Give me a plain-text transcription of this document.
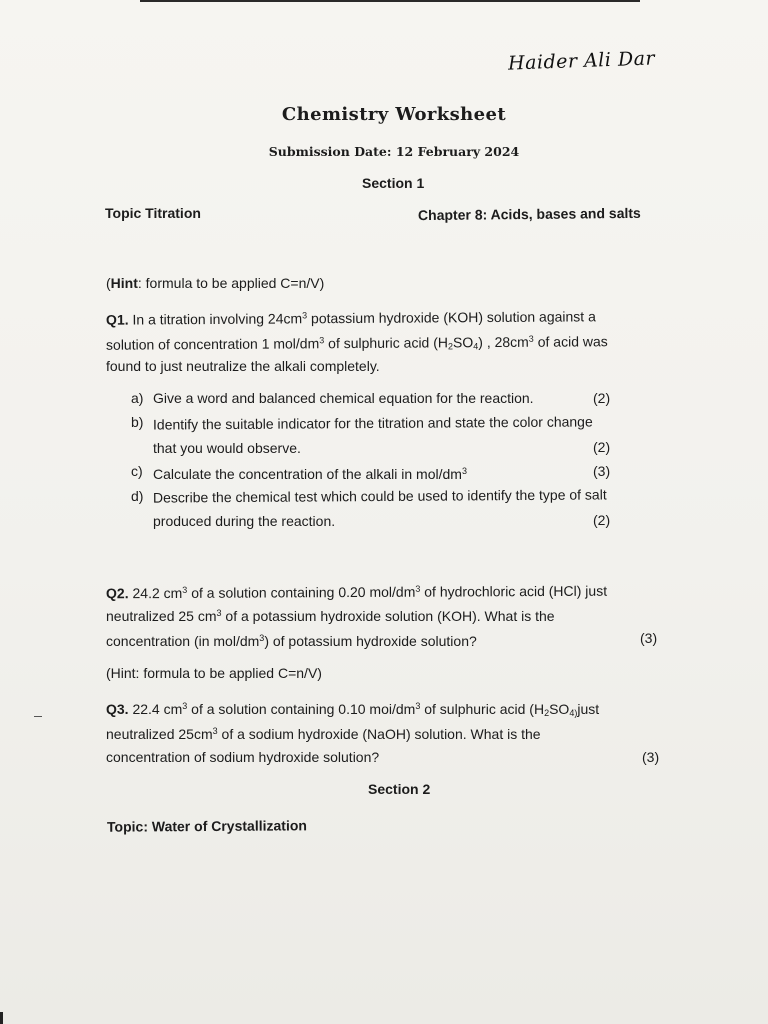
Haider Ali Dar
Chemistry Worksheet
Submission Date: 12 February 2024
Section 1
Topic Titration	Chapter 8: Acids, bases and salts
(Hint: formula to be applied C=n/V)
Q1. In a titration involving $24cm^3$ potassium hydroxide (KOH) solution against a
solution of concentration 1 mol/$dm^3$ of sulphuric acid $(H_2SO_4)$ , $28cm^3$ of acid was
found to just neutralize the alkali completely.
a) Give a word and balanced chemical equation for the reaction.	(2)
b) Identify the suitable indicator for the titration and state the color change
that you would observe.	(2)
c) Calculate the concentration of the alkali in mol/$dm^3$	(3)
d) Describe the chemical test which could be used to identify the type of salt
produced during the reaction.	(2)
Q2. 24.2 $cm^3$ of a solution containing 0.20 mol/$dm^3$ of hydrochloric acid (HCl) just
neutralized 25 $cm^3$ of a potassium hydroxide solution (KOH). What is the
concentration (in mol/$dm^3$) of potassium hydroxide solution?	(3)
(Hint: formula to be applied C=n/V)
Q3. 22.4 $cm^3$ of a solution containing 0.10 moi/$dm^3$ of sulphuric acid ($H_2SO_{4)}just$
neutralized $25cm^3$ of a sodium hydroxide (NaOH) solution. What is the
concentration of sodium hydroxide solution?	(3)
Section 2
Topic: Water of Crystallization
